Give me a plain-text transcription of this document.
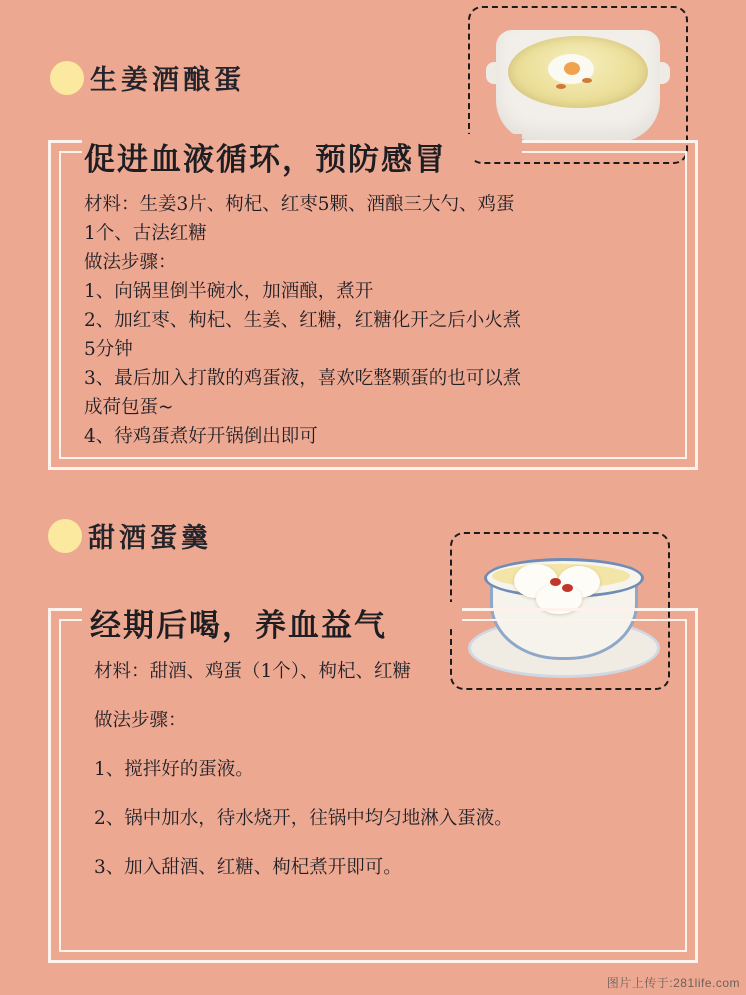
生姜酒酿蛋
促进血液循环，预防感冒

材料：生姜3片、枸杞、红枣5颗、酒酿三大勺、鸡蛋

1个、古法红糖

做法步骤：

1、向锅里倒半碗水，加酒酿，煮开

2、加红枣、枸杞、生姜、红糖，红糖化开之后小火煮

5分钟

3、最后加入打散的鸡蛋液，喜欢吃整颗蛋的也可以煮

成荷包蛋~

4、待鸡蛋煮好开锅倒出即可

甜酒蛋羹
经期后喝，养血益气

材料：甜酒、鸡蛋（1个）、枸杞、红糖

做法步骤：

1、搅拌好的蛋液。

2、锅中加水，待水烧开，往锅中均匀地淋入蛋液。

3、加入甜酒、红糖、枸杞煮开即可。

图片上传于:281life.com
